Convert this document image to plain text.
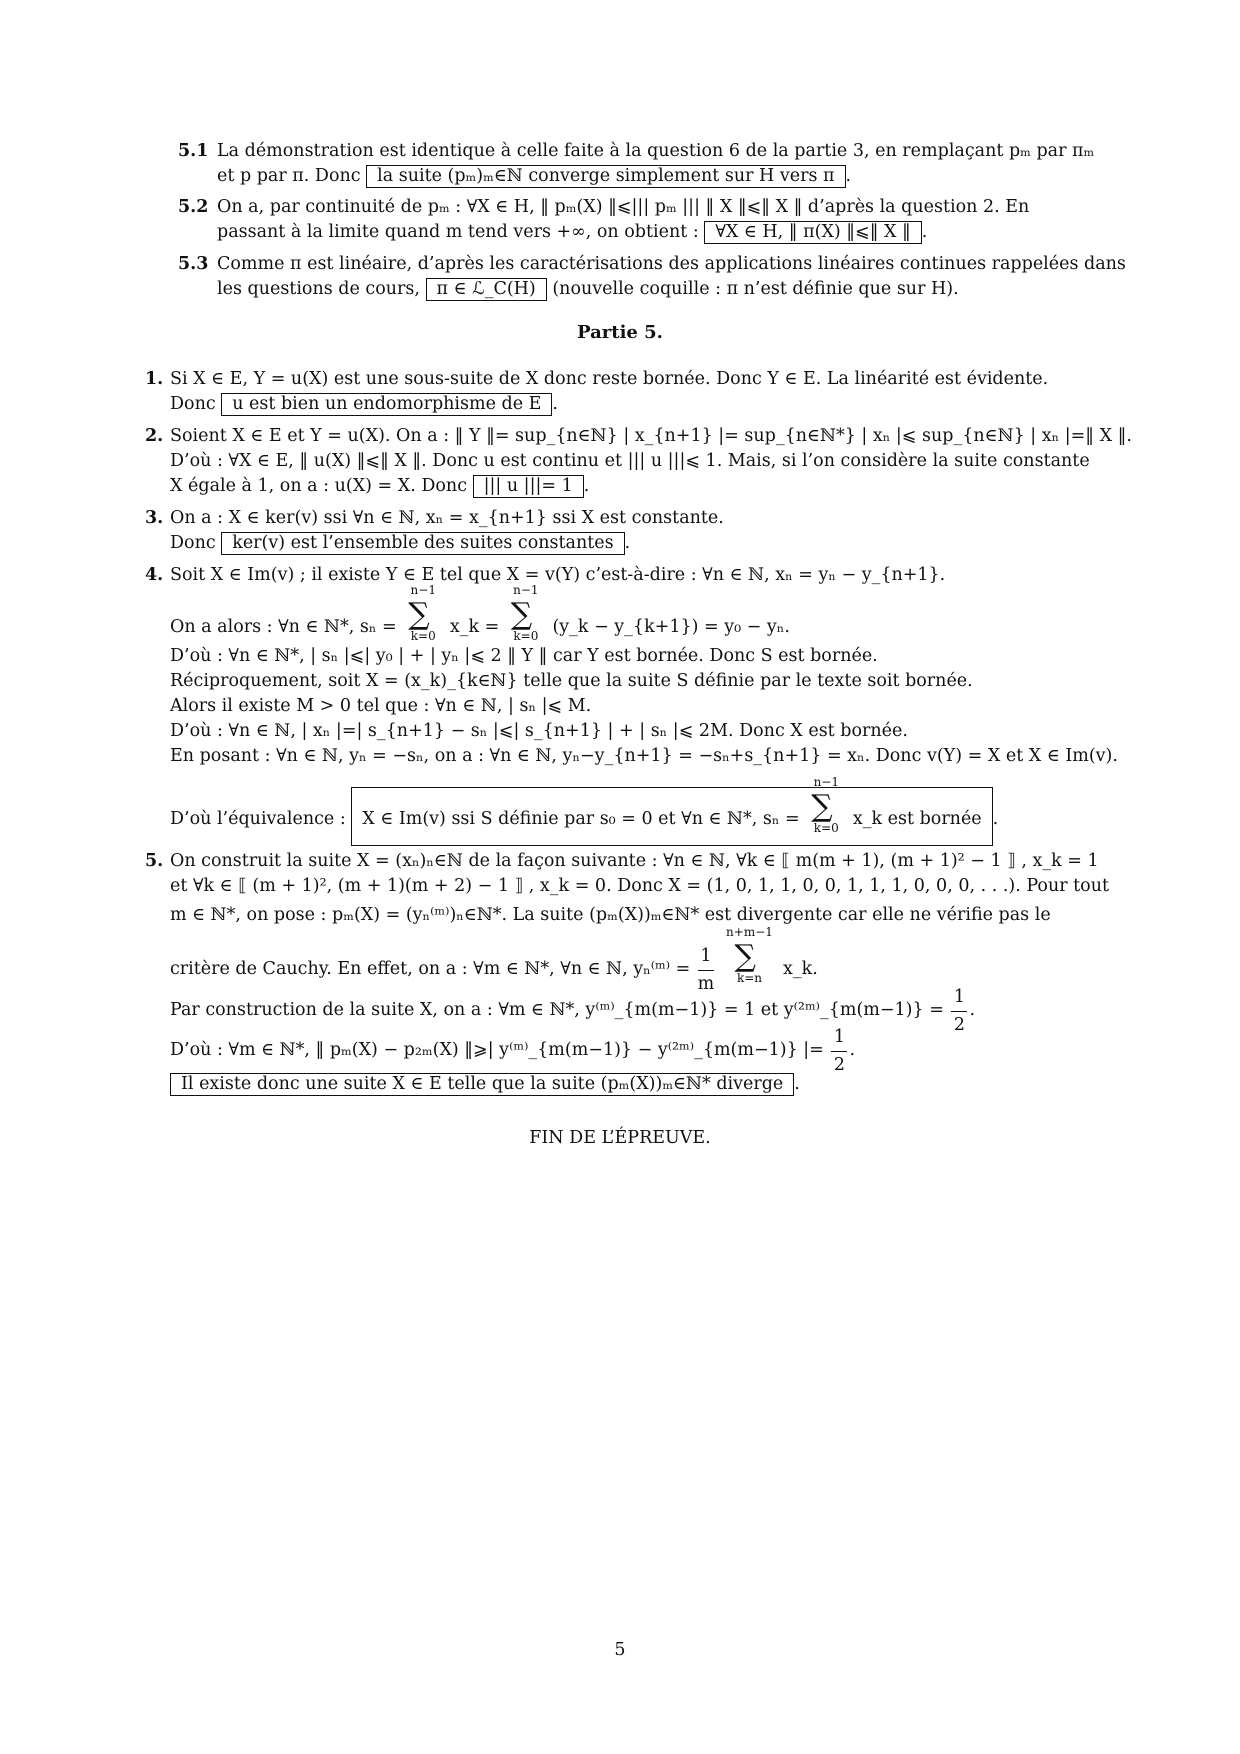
5.1 La démonstration est identique à celle faite à la question 6 de la partie 3, en remplaçant pₘ par πₘ
et p par π. Donc la suite (pₘ)ₘ∈ℕ converge simplement sur H vers π .
5.2 On a, par continuité de pₘ : ∀X ∈ H, ‖ pₘ(X) ‖⩽||| pₘ ||| ‖ X ‖⩽‖ X ‖ d’après la question 2. En
passant à la limite quand m tend vers +∞, on obtient : ∀X ∈ H, ‖ π(X) ‖⩽‖ X ‖ .
5.3 Comme π est linéaire, d’après les caractérisations des applications linéaires continues rappelées dans
les questions de cours, π ∈ ℒ_C(H) (nouvelle coquille : π n’est définie que sur H).
Partie 5.
1. Si X ∈ E, Y = u(X) est une sous-suite de X donc reste bornée. Donc Y ∈ E. La linéarité est évidente.
Donc u est bien un endomorphisme de E .
2. Soient X ∈ E et Y = u(X). On a : ‖ Y ‖= sup_{n∈ℕ} | x_{n+1} |= sup_{n∈ℕ*} | xₙ |⩽ sup_{n∈ℕ} | xₙ |=‖ X ‖.
D’où : ∀X ∈ E, ‖ u(X) ‖⩽‖ X ‖. Donc u est continu et ||| u |||⩽ 1. Mais, si l’on considère la suite constante
X égale à 1, on a : u(X) = X. Donc ||| u |||= 1 .
3. On a : X ∈ ker(v) ssi ∀n ∈ ℕ, xₙ = x_{n+1} ssi X est constante.
Donc ker(v) est l’ensemble des suites constantes .
4. Soit X ∈ Im(v) ; il existe Y ∈ E tel que X = v(Y) c’est-à-dire : ∀n ∈ ℕ, xₙ = yₙ − y_{n+1}.
On a alors : ∀n ∈ ℕ*, sₙ =
n−1
∑
k=0 x_k =
n−1
∑
k=0 (y_k − y_{k+1}) = y₀ − yₙ.
D’où : ∀n ∈ ℕ*, | sₙ |⩽| y₀ | + | yₙ |⩽ 2 ‖ Y ‖ car Y est bornée. Donc S est bornée.
Réciproquement, soit X = (x_k)_{k∈ℕ} telle que la suite S définie par le texte soit bornée.
Alors il existe M > 0 tel que : ∀n ∈ ℕ, | sₙ |⩽ M.
D’où : ∀n ∈ ℕ, | xₙ |=| s_{n+1} − sₙ |⩽| s_{n+1} | + | sₙ |⩽ 2M. Donc X est bornée.
En posant : ∀n ∈ ℕ, yₙ = −sₙ, on a : ∀n ∈ ℕ, yₙ−y_{n+1} = −sₙ+s_{n+1} = xₙ. Donc v(Y) = X et X ∈ Im(v).
D’où l’équivalence : X ∈ Im(v) ssi S définie par s₀ = 0 et ∀n ∈ ℕ*, sₙ =
n−1
∑
k=0 x_k est bornée .
5. On construit la suite X = (xₙ)ₙ∈ℕ de la façon suivante : ∀n ∈ ℕ, ∀k ∈ ⟦ m(m + 1), (m + 1)² − 1 ⟧ , x_k = 1
et ∀k ∈ ⟦ (m + 1)², (m + 1)(m + 2) − 1 ⟧ , x_k = 0. Donc X = (1, 0, 1, 1, 0, 0, 1, 1, 1, 0, 0, 0, . . .). Pour tout
m ∈ ℕ*, on pose : pₘ(X) = (yₙ⁽ᵐ⁾)ₙ∈ℕ*. La suite (pₘ(X))ₘ∈ℕ* est divergente car elle ne vérifie pas le
critère de Cauchy. En effet, on a : ∀m ∈ ℕ*, ∀n ∈ ℕ, yₙ⁽ᵐ⁾ = $\frac{1}{m}$

n+m−1
∑
k=n	x_k.
Par construction de la suite X, on a : ∀m ∈ ℕ*, y⁽ᵐ⁾_{m(m−1)} = 1 et y⁽²ᵐ⁾_{m(m−1)} = $\frac{1}{2}$ .
D’où : ∀m ∈ ℕ*, ‖ pₘ(X) − p₂ₘ(X) ‖⩾| y⁽ᵐ⁾_{m(m−1)} − y⁽²ᵐ⁾_{m(m−1)} |= $\frac{1}{2}$ .
Il existe donc une suite X ∈ E telle que la suite (pₘ(X))ₘ∈ℕ* diverge .
FIN DE L’ÉPREUVE.
5
